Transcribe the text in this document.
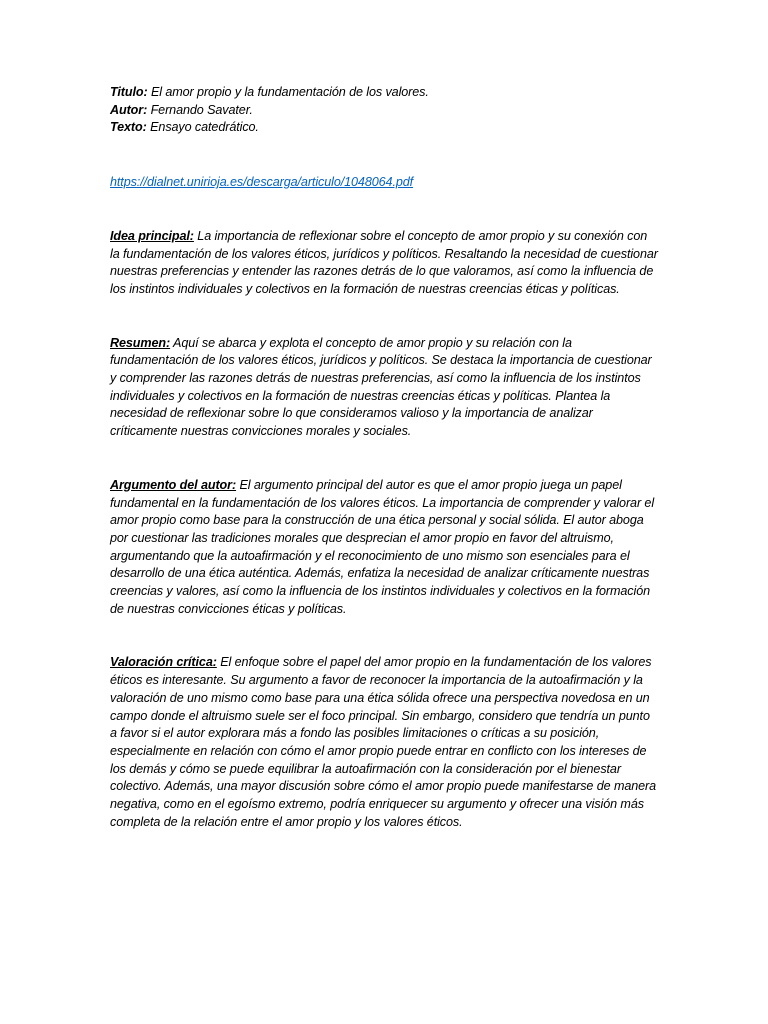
Titulo: El amor propio y la fundamentación de los valores.
Autor: Fernando Savater.
Texto: Ensayo catedrático.
https://dialnet.unirioja.es/descarga/articulo/1048064.pdf

Idea principal: La importancia de reflexionar sobre el concepto de amor propio y su conexión con la fundamentación de los valores éticos, jurídicos y políticos. Resaltando la necesidad de cuestionar nuestras preferencias y entender las razones detrás de lo que valoramos, así como la influencia de los instintos individuales y colectivos en la formación de nuestras creencias éticas y políticas.

Resumen: Aquí se abarca y explota el concepto de amor propio y su relación con la fundamentación de los valores éticos, jurídicos y políticos. Se destaca la importancia de cuestionar y comprender las razones detrás de nuestras preferencias, así como la influencia de los instintos individuales y colectivos en la formación de nuestras creencias éticas y políticas. Plantea la necesidad de reflexionar sobre lo que consideramos valioso y la importancia de analizar críticamente nuestras convicciones morales y sociales.

Argumento del autor: El argumento principal del autor es que el amor propio juega un papel fundamental en la fundamentación de los valores éticos. La importancia de comprender y valorar el amor propio como base para la construcción de una ética personal y social sólida. El autor aboga por cuestionar las tradiciones morales que desprecian el amor propio en favor del altruismo, argumentando que la autoafirmación y el reconocimiento de uno mismo son esenciales para el desarrollo de una ética auténtica. Además, enfatiza la necesidad de analizar críticamente nuestras creencias y valores, así como la influencia de los instintos individuales y colectivos en la formación de nuestras convicciones éticas y políticas.

Valoración crítica: El enfoque sobre el papel del amor propio en la fundamentación de los valores éticos es interesante. Su argumento a favor de reconocer la importancia de la autoafirmación y la valoración de uno mismo como base para una ética sólida ofrece una perspectiva novedosa en un campo donde el altruismo suele ser el foco principal. Sin embargo, considero que tendría un punto a favor si el autor explorara más a fondo las posibles limitaciones o críticas a su posición, especialmente en relación con cómo el amor propio puede entrar en conflicto con los intereses de los demás y cómo se puede equilibrar la autoafirmación con la consideración por el bienestar colectivo. Además, una mayor discusión sobre cómo el amor propio puede manifestarse de manera negativa, como en el egoísmo extremo, podría enriquecer su argumento y ofrecer una visión más completa de la relación entre el amor propio y los valores éticos.
